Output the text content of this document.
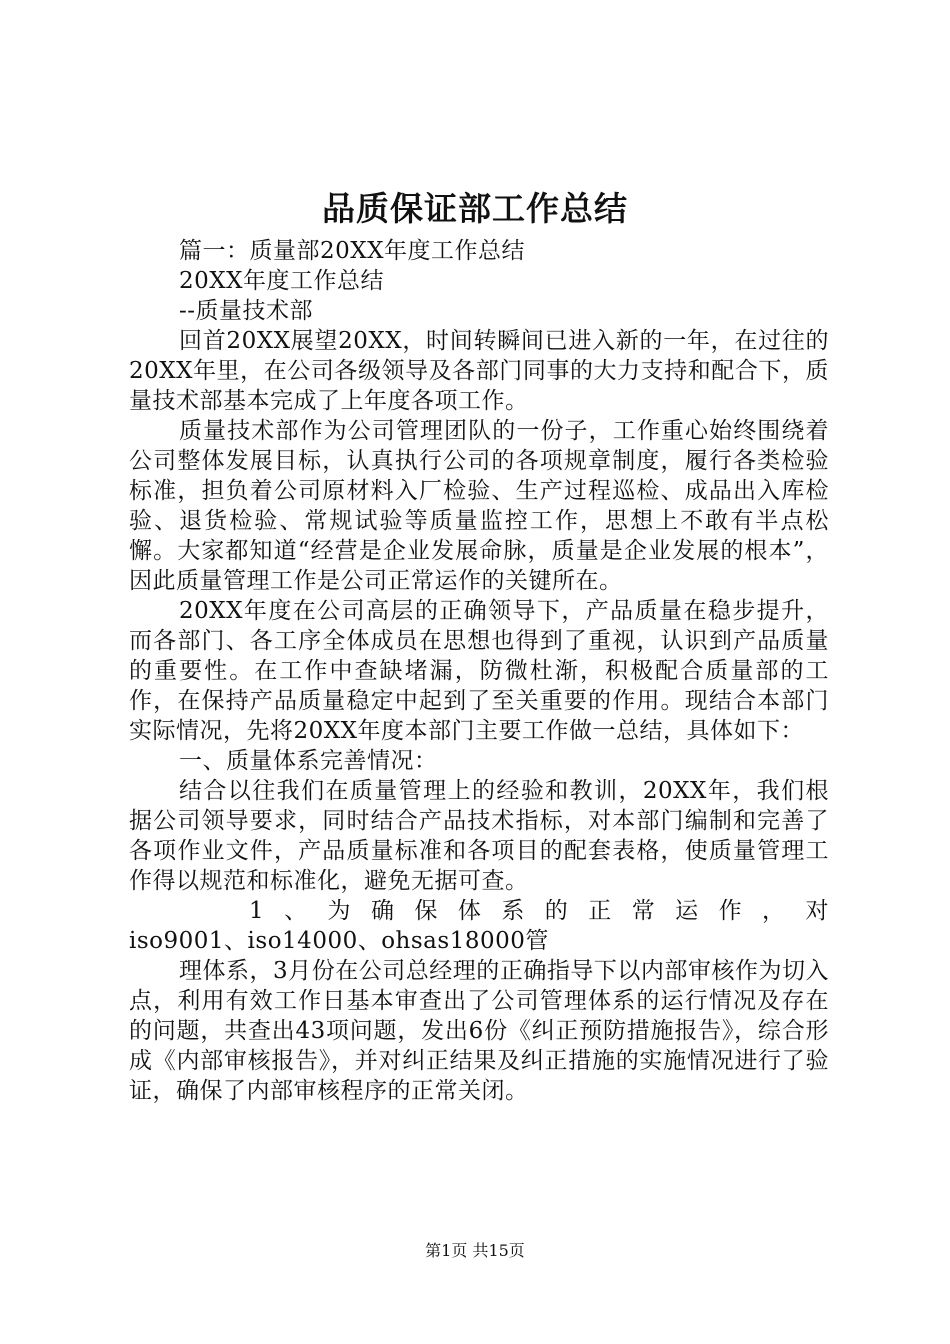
品质保证部工作总结

篇一：质量部20XX年度工作总结

20XX年度工作总结

--质量技术部

回首20XX展望20XX，时间转瞬间已进入新的一年，在过往的20XX年里，在公司各级领导及各部门同事的大力支持和配合下，质量技术部基本完成了上年度各项工作。

质量技术部作为公司管理团队的一份子，工作重心始终围绕着公司整体发展目标，认真执行公司的各项规章制度，履行各类检验标准，担负着公司原材料入厂检验、生产过程巡检、成品出入库检验、退货检验、常规试验等质量监控工作，思想上不敢有半点松懈。大家都知道“经营是企业发展命脉，质量是企业发展的根本”，因此质量管理工作是公司正常运作的关键所在。

20XX年度在公司高层的正确领导下，产品质量在稳步提升，而各部门、各工序全体成员在思想也得到了重视，认识到产品质量的重要性。在工作中查缺堵漏，防微杜渐，积极配合质量部的工作，在保持产品质量稳定中起到了至关重要的作用。现结合本部门实际情况，先将20XX年度本部门主要工作做一总结，具体如下：

一、质量体系完善情况：

结合以往我们在质量管理上的经验和教训，20XX年，我们根据公司领导要求，同时结合产品技术指标，对本部门编制和完善了各项作业文件，产品质量标准和各项目的配套表格，使质量管理工作得以规范和标准化，避免无据可查。

1、为确保体系的正常运作，对

iso9001、iso14000、ohsas18000管

理体系，3月份在公司总经理的正确指导下以内部审核作为切入点，利用有效工作日基本审查出了公司管理体系的运行情况及存在的问题，共查出43项问题，发出6份《纠正预防措施报告》，综合形成《内部审核报告》，并对纠正结果及纠正措施的实施情况进行了验证，确保了内部审核程序的正常关闭。

第1页 共15页
